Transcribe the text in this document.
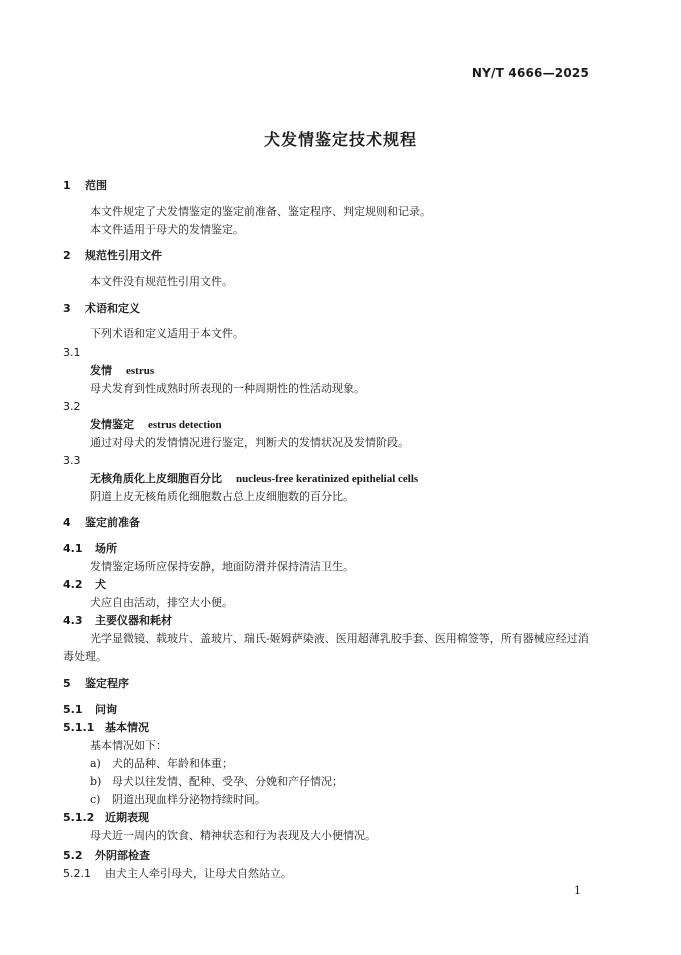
NY/T 4666—2025
犬发情鉴定技术规程
1 范围
本文件规定了犬发情鉴定的鉴定前准备、鉴定程序、判定规则和记录。
本文件适用于母犬的发情鉴定。
2 规范性引用文件
本文件没有规范性引用文件。
3 术语和定义
下列术语和定义适用于本文件。
3.1
发情 estrus
母犬发育到性成熟时所表现的一种周期性的性活动现象。
3.2
发情鉴定 estrus detection
通过对母犬的发情情况进行鉴定，判断犬的发情状况及发情阶段。
3.3
无核角质化上皮细胞百分比 nucleus-free keratinized epithelial cells
阴道上皮无核角质化细胞数占总上皮细胞数的百分比。
4 鉴定前准备
4.1 场所
发情鉴定场所应保持安静，地面防滑并保持清洁卫生。
4.2 犬
犬应自由活动，排空大小便。
4.3 主要仪器和耗材
光学显微镜、载玻片、盖玻片、瑞氏-姬姆萨染液、医用超薄乳胶手套、医用棉签等，所有器械应经过消
毒处理。
5 鉴定程序
5.1 问询
5.1.1 基本情况
基本情况如下：
a) 犬的品种、年龄和体重；
b) 母犬以往发情、配种、受孕、分娩和产仔情况；
c) 阴道出现血样分泌物持续时间。
5.1.2 近期表现
母犬近一周内的饮食、精神状态和行为表现及大小便情况。
5.2 外阴部检查
5.2.1 由犬主人牵引母犬，让母犬自然站立。
1
